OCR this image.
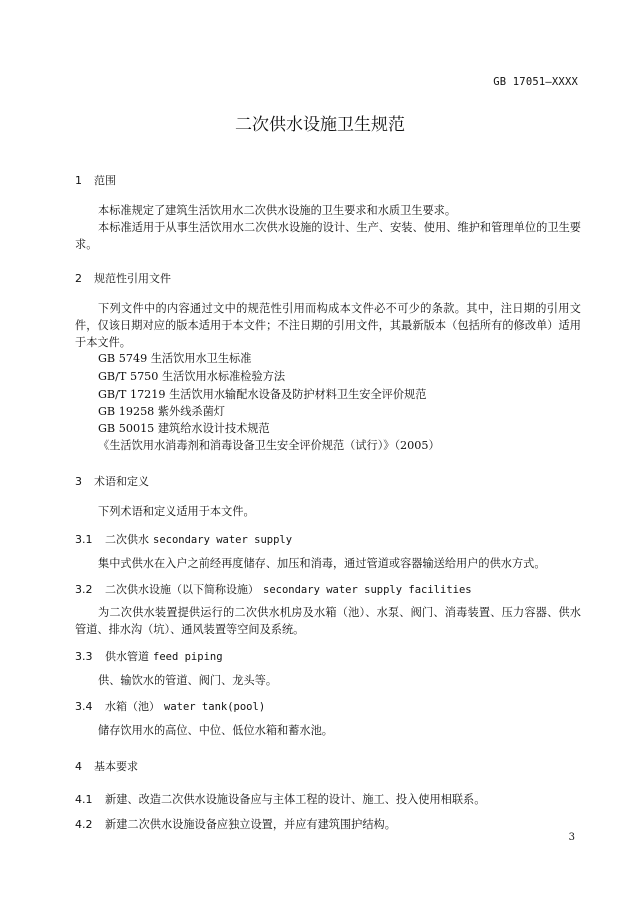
GB 17051—XXXX
二次供水设施卫生规范
1 范围
本标准规定了建筑生活饮用水二次供水设施的卫生要求和水质卫生要求。
本标准适用于从事生活饮用水二次供水设施的设计、生产、安装、使用、维护和管理单位的卫生要求。
2 规范性引用文件
下列文件中的内容通过文中的规范性引用而构成本文件必不可少的条款。其中，注日期的引用文件，仅该日期对应的版本适用于本文件；不注日期的引用文件，其最新版本（包括所有的修改单）适用于本文件。
GB 5749 生活饮用水卫生标准
GB/T 5750 生活饮用水标准检验方法
GB/T 17219 生活饮用水输配水设备及防护材料卫生安全评价规范
GB 19258 紫外线杀菌灯
GB 50015 建筑给水设计技术规范
《生活饮用水消毒剂和消毒设备卫生安全评价规范（试行）》（2005）
3 术语和定义
下列术语和定义适用于本文件。
3.1 二次供水 secondary water supply
集中式供水在入户之前经再度储存、加压和消毒，通过管道或容器输送给用户的供水方式。
3.2 二次供水设施（以下简称设施） secondary water supply facilities
为二次供水装置提供运行的二次供水机房及水箱（池）、水泵、阀门、消毒装置、压力容器、供水管道、排水沟（坑）、通风装置等空间及系统。
3.3 供水管道 feed piping
供、输饮水的管道、阀门、龙头等。
3.4 水箱（池） water tank(pool)
储存饮用水的高位、中位、低位水箱和蓄水池。
4 基本要求
4.1 新建、改造二次供水设施设备应与主体工程的设计、施工、投入使用相联系。
4.2 新建二次供水设施设备应独立设置，并应有建筑围护结构。
3
